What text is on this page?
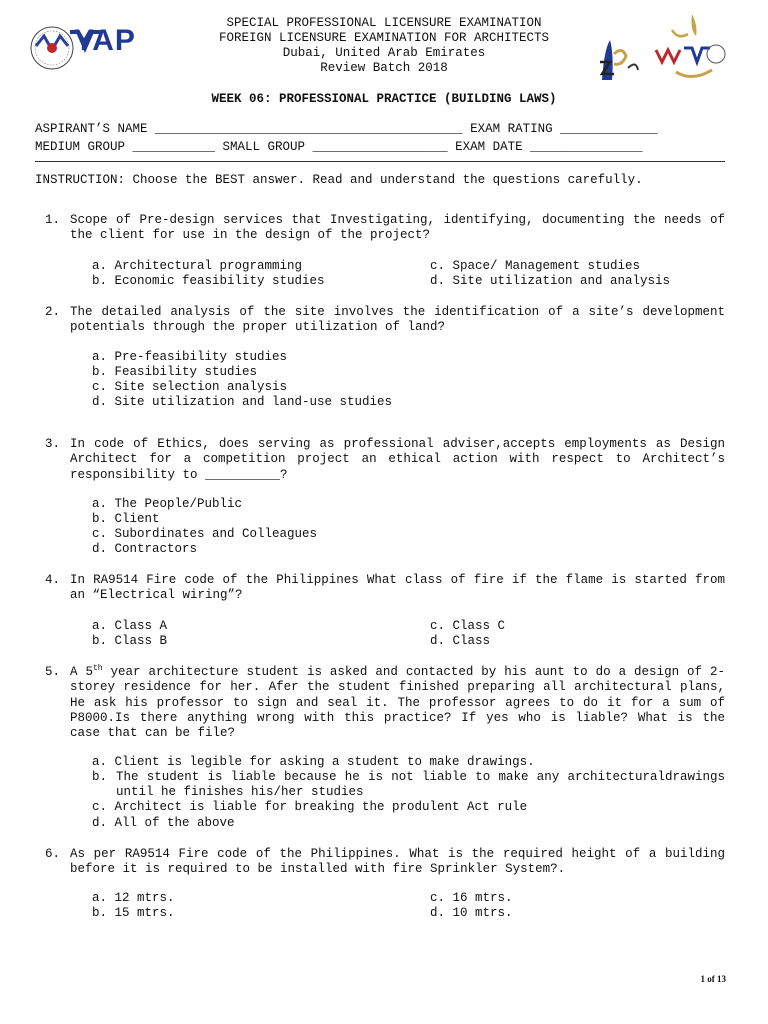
YAP
SPECIAL PROFESSIONAL LICENSURE EXAMINATION
FOREIGN LICENSURE EXAMINATION FOR ARCHITECTS
Dubai, United Arab Emirates
Review Batch 2018
WEEK 06: PROFESSIONAL PRACTICE (BUILDING LAWS)
ASPIRANT’S NAME _________________________________________ EXAM RATING _____________
MEDIUM GROUP ___________ SMALL GROUP __________________ EXAM DATE _______________
INSTRUCTION: Choose the BEST answer. Read and understand the questions carefully.
1. Scope of Pre-design services that Investigating, identifying, documenting the needs of the client for use in the design of the project?
a. Architectural programming
b. Economic feasibility studies
c. Space/ Management studies
d. Site utilization and analysis
2. The detailed analysis of the site involves the identification of a site’s development potentials through the proper utilization of land?
a. Pre-feasibility studies
b. Feasibility studies
c. Site selection analysis
d. Site utilization and land-use studies
3. In code of Ethics, does serving as professional adviser,accepts employments as Design Architect for a competition project an ethical action with respect to Architect’s responsibility to __________?
a. The People/Public
b. Client
c. Subordinates and Colleagues
d. Contractors
4. In RA9514 Fire code of the Philippines What class of fire if the flame is started from an “Electrical wiring”?
a. Class A
b. Class B
c. Class C
d. Class
5. A 5th year architecture student is asked and contacted by his aunt to do a design of 2-storey residence for her. Afer the student finished preparing all architectural plans, He ask his professor to sign and seal it. The professor agrees to do it for a sum of P8000.Is there anything wrong with this practice? If yes who is liable? What is the case that can be file?
a. Client is legible for asking a student to make drawings.
b. The student is liable because he is not liable to make any architecturaldrawings until he finishes his/her studies
c. Architect is liable for breaking the produlent Act rule
d. All of the above
6. As per RA9514 Fire code of the Philippines. What is the required height of a building before it is required to be installed with fire Sprinkler System?.
a. 12 mtrs.
b. 15 mtrs.
c. 16 mtrs.
d. 10 mtrs.
1 of 13
